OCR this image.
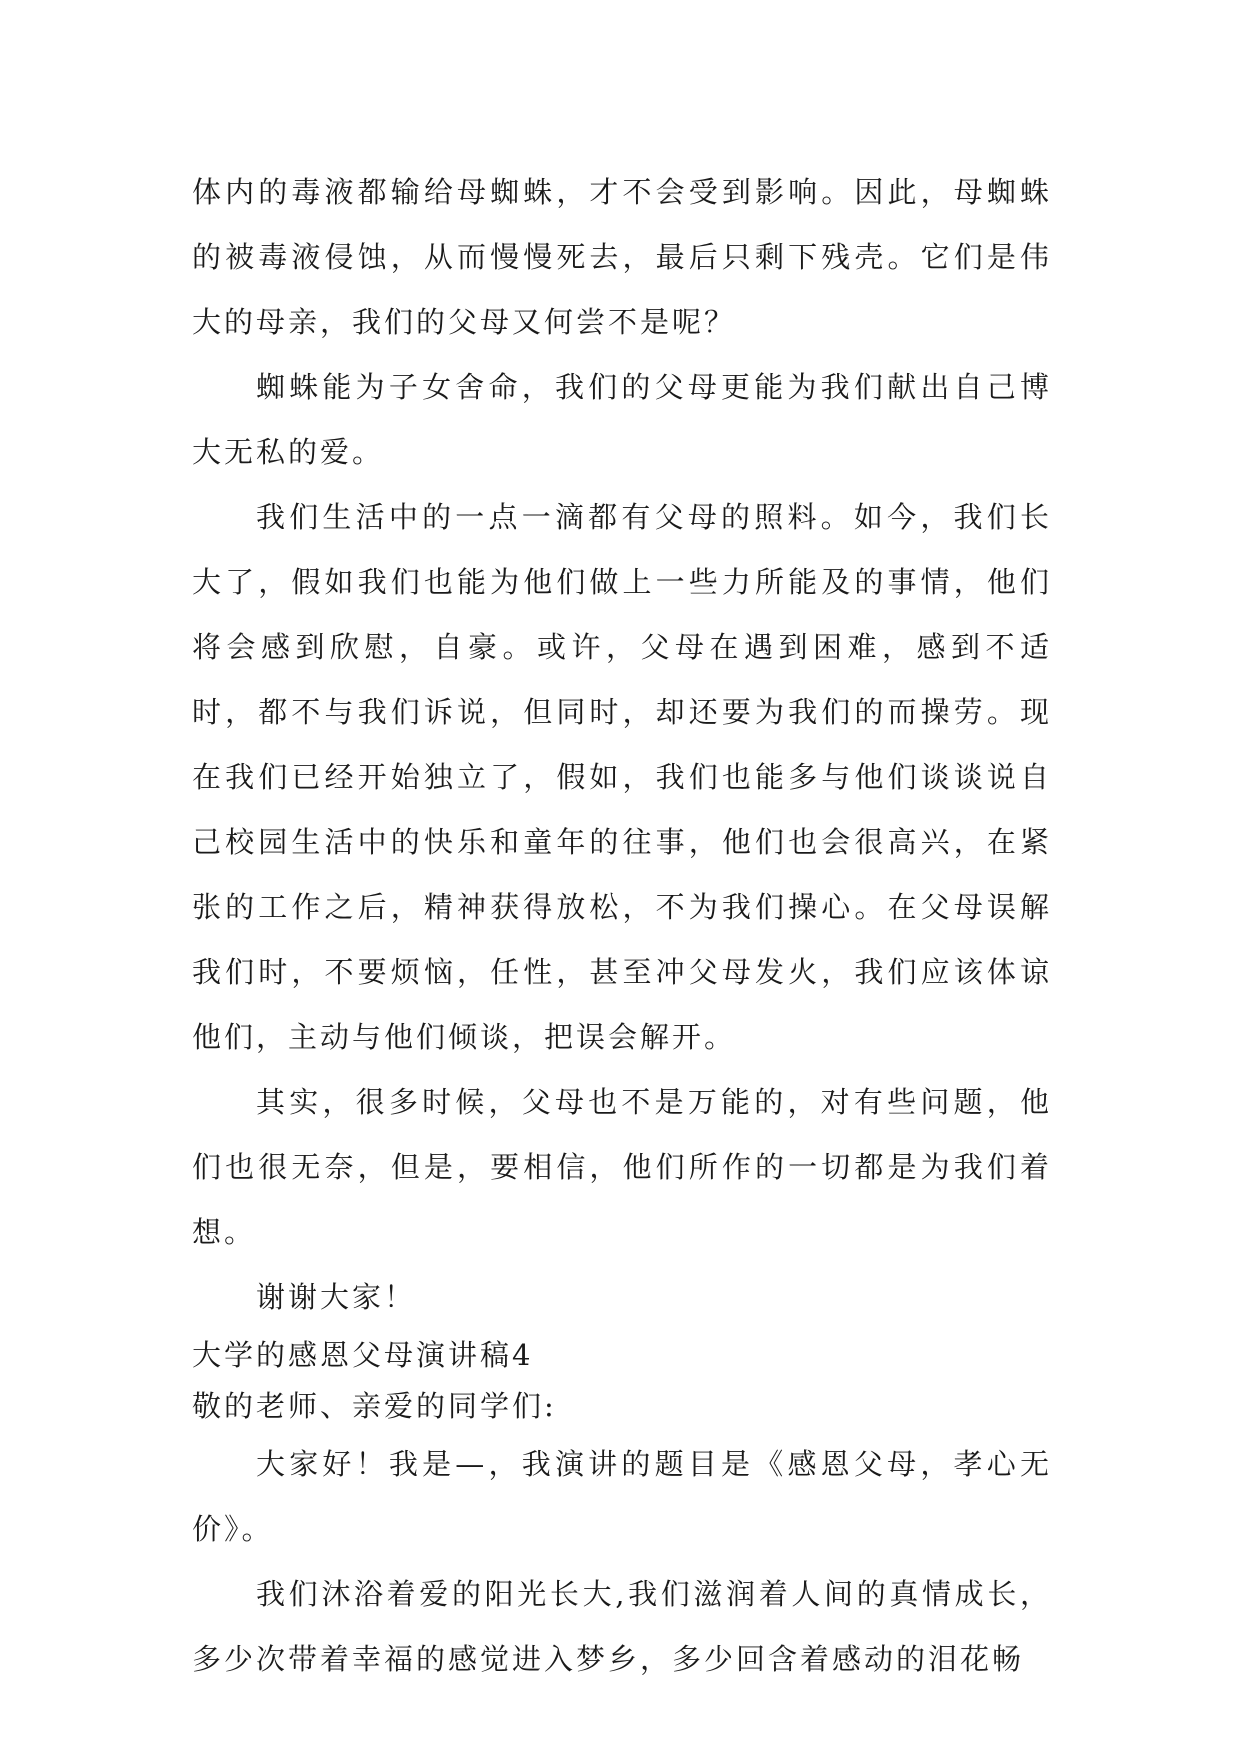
体内的毒液都输给母蜘蛛，才不会受到影响。因此，母蜘蛛的被毒液侵蚀，从而慢慢死去，最后只剩下残壳。它们是伟大的母亲，我们的父母又何尝不是呢？

蜘蛛能为子女舍命，我们的父母更能为我们献出自己博大无私的爱。

我们生活中的一点一滴都有父母的照料。如今，我们长大了，假如我们也能为他们做上一些力所能及的事情，他们将会感到欣慰，自豪。或许，父母在遇到困难，感到不适时，都不与我们诉说，但同时，却还要为我们的而操劳。现在我们已经开始独立了，假如，我们也能多与他们谈谈说自己校园生活中的快乐和童年的往事，他们也会很高兴，在紧张的工作之后，精神获得放松，不为我们操心。在父母误解我们时，不要烦恼，任性，甚至冲父母发火，我们应该体谅他们，主动与他们倾谈，把误会解开。

其实，很多时候，父母也不是万能的，对有些问题，他们也很无奈，但是，要相信，他们所作的一切都是为我们着想。

谢谢大家！

大学的感恩父母演讲稿4

敬的老师、亲爱的同学们:

大家好！我是—，我演讲的题目是《感恩父母，孝心无价》。

我们沐浴着爱的阳光长大,我们滋润着人间的真情成长，多少次带着幸福的感觉进入梦乡，多少回含着感动的泪花畅
